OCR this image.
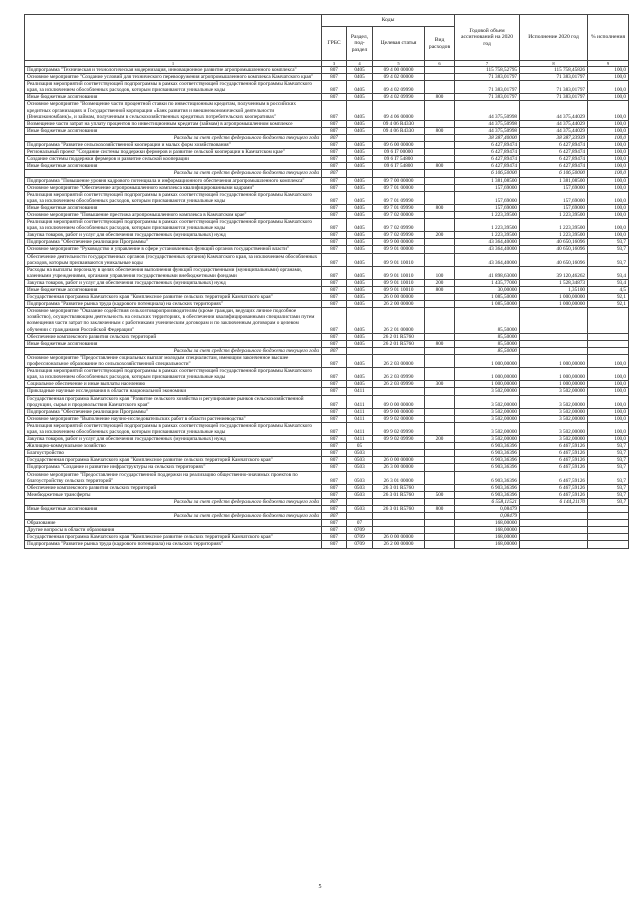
	Коды				Годовой объем ассигнований на 2020 год	Исполнение 2020 год	% исполнения
	ГРБС	Раздел, под-раздел	Целевая статья	Вид расходов			
1	3	4	5	6	7	8	9
Подпрограмма "Техническая и технологическая модернизация, инновационное развитие агропромышленного комплекса"	807	0405	09 4 00 00000		115 758,52795	115 758,45826	100,0
Основное мероприятие "Создание условий для технического перевооружения агропромышленного комплекса Камчатского края"	807	0405	09 4 02 00000		71 383,01797	71 383,01797	100,0
Реализация мероприятий соответствующей подпрограммы в рамках соответствующей государственной программы Камчатского края, за исключением обособленных расходов, которым присваиваются уникальные коды	807	0405	09 4 02 09990		71 383,01797	71 383,01797	100,0
Иные бюджетные ассигнования	807	0405	09 4 02 09990	800	71 383,01797	71 383,01797	100,0
Основное мероприятие "Возмещение части процентной ставки по инвестиционным кредитам, полученным в российских кредитных организациях и Государственной корпорации «Банк развития и внешнеэкономической деятельности (Внешэкономбанк)», и займам, полученным в сельскохозяйственных кредитных потребительских кооперативах"	807	0405	09 4 06 00000		44 375,50998	44 375,44029	100,0
Возмещение части затрат на уплату процентов по инвестиционным кредитам (займам) в агропромышленном комплексе	807	0405	09 4 06 R4330		44 375,50998	44 375,44029	100,0
Иные бюджетные ассигнования	807	0405	09 4 06 R4330	800	44 375,50998	44 375,44029	100,0
Расходы за счет средств федерального бюджета текущего года	807				38 387,40000	38 387,33939	100,0
Подпрограмма "Развитие сельскохозяйственной кооперации и малых форм хозяйствования"	807	0405	09 6 00 00000		6 427,89474	6 427,89474	100,0
Региональный проект "Создание системы поддержки фермеров и развитие сельской кооперации в Камчатском крае"	807	0405	09 6 I7 00000		6 427,89474	6 427,89474	100,0
Создание системы поддержки фермеров и развитие сельской кооперации	807	0405	09 6 I7 54800		6 427,89474	6 427,89474	100,0
Иные бюджетные ассигнования	807	0405	09 6 I7 54800	800	6 427,89474	6 427,89474	100,0
Расходы за счет средств федерального бюджета текущего года	807				6 106,50000	6 106,50000	100,0
Подпрограмма "Повышение уровня кадрового потенциала и информационного обеспечения агропромышленного комплекса"	807	0405	09 7 00 00000		1 381,08500	1 381,08500	100,0
Основное мероприятие "Обеспечение агропромышленного комплекса квалифицированными кадрами"	807	0405	09 7 01 00000		157,69000	157,69000	100,0
Реализация мероприятий соответствующей подпрограммы в рамках соответствующей государственной программы Камчатского края, за исключением обособленных расходов, которым присваиваются уникальные коды	807	0405	09 7 01 09990		157,69000	157,69000	100,0
Иные бюджетные ассигнования	807	0405	09 7 01 09990	800	157,69000	157,69000	100,0
Основное мероприятие "Повышение престижа агропромышленного комплекса в Камчатском крае"	807	0405	09 7 02 00000		1 223,39500	1 223,39500	100,0
Реализация мероприятий соответствующей подпрограммы в рамках соответствующей государственной программы Камчатского края, за исключением обособленных расходов, которым присваиваются уникальные коды	807	0405	09 7 02 09990		1 223,39500	1 223,39500	100,0
Закупка товаров, работ и услуг для обеспечения государственных (муниципальных) нужд	807	0405	09 7 02 09990	200	1 223,39500	1 223,39500	100,0
Подпрограмма "Обеспечение реализации Программы"	807	0405	09 9 00 00000		43 364,40000	40 650,16096	93,7
Основное мероприятие "Руководство и управление в сфере установленных функций органов государственной власти"	807	0405	09 9 01 00000		43 364,40000	40 650,16096	93,7
Обеспечение деятельности государственных органов (государственных органов) Камчатского края, за исключением обособленных расходов, которым присваиваются уникальные коды	807	0405	09 9 01 10010		43 364,40000	40 650,16096	93,7
Расходы на выплаты персоналу в целях обеспечения выполнения функций государственными (муниципальными) органами, казенными учреждениями, органами управления государственными внебюджетными фондами	807	0405	09 9 01 10010	100	41 898,63000	39 120,46262	93,4
Закупка товаров, работ и услуг для обеспечения государственных (муниципальных) нужд	807	0405	09 9 01 10010	200	1 435,77000	1 528,34873	93,4
Иные бюджетные ассигнования	807	0405	09 9 01 10010	800	30,00000	1,35100	4,5
Государственная программа Камчатского края "Комплексное развитие сельских территорий Камчатского края"	807	0405	26 0 00 00000		1 085,50000	1 000,00000	92,1
Подпрограмма "Развитие рынка труда (кадрового потенциала) на сельских территориях"	807	0405	26 2 00 00000		1 085,50000	1 000,00000	92,1
Основное мероприятие "Оказание содействия сельхозтоваропроизводителям (кроме граждан, ведущих личное подсобное хозяйство), осуществляющим деятельность на сельских территориях, в обеспечении квалифицированными специалистами путем возмещения части затрат по заключенным с работниками ученическим договорам и по заключенным договорам о целевом обучении с гражданами Российской Федерации"	807	0405	26 2 01 00000		85,50000		
Обеспечение комплексного развития сельских территорий	807	0405	26 2 01 R5760		85,50000		
Иные бюджетные ассигнования	807	0405	26 2 01 R5760	800	85,50000		
Расходы за счет средств федерального бюджета текущего года	807				85,50000		
Основное мероприятие "Предоставление социальных выплат молодым специалистам, имеющим законченное высшее профессиональное образование по сельскохозяйственной специальности"	807	0405	26 2 03 00000		1 000,00000	1 000,00000	100,0
Реализация мероприятий соответствующей подпрограммы в рамках соответствующей государственной программы Камчатского края, за исключением обособленных расходов, которым присваиваются уникальные коды	807	0405	26 2 03 09990		1 000,00000	1 000,00000	100,0
Социальное обеспечение и иные выплаты населению	807	0405	26 2 03 09990	300	1 000,00000	1 000,00000	100,0
Прикладные научные исследования в области национальной экономики	807	0411			3 502,00000	3 502,00000	100,0
Государственная программа Камчатского края "Развитие сельского хозяйства и регулирование рынков сельскохозяйственной продукции, сырья и продовольствия Камчатского края"	807	0411	09 0 00 00000		3 502,00000	3 502,00000	100,0
Подпрограмма "Обеспечение реализации Программы"	807	0411	09 9 00 00000		3 502,00000	3 502,00000	100,0
Основное мероприятие "Выполнение научно-исследовательских работ в области растениеводства"	807	0411	09 9 02 00000		3 502,00000	3 502,00000	100,0
Реализация мероприятий соответствующей подпрограммы в рамках соответствующей государственной программы Камчатского края, за исключением обособленных расходов, которым присваиваются уникальные коды	807	0411	09 9 02 09990		3 502,00000	3 502,00000	100,0
Закупка товаров, работ и услуг для обеспечения государственных (муниципальных) нужд	807	0411	09 9 02 09990	200	3 502,00000	3 502,00000	100,0
Жилищно-коммунальное хозяйство	807	05			6 903,36396	6 467,59126	93,7
Благоустройство	807	0503			6 903,36396	6 467,59126	93,7
Государственная программа Камчатского края "Комплексное развитие сельских территорий Камчатского края"	807	0503	26 0 00 00000		6 903,36396	6 467,59126	93,7
Подпрограмма "Создание и развитие инфраструктуры на сельских территориях"	807	0503	26 3 00 00000		6 903,36396	6 467,59126	93,7
Основное мероприятие "Предоставление государственной поддержки на реализацию общественно-значимых проектов по благоустройству сельских территорий"	807	0503	26 3 01 00000		6 903,36396	6 467,59126	93,7
Обеспечение комплексного развития сельских территорий	807	0503	26 3 01 R5760		6 903,36396	6 467,59126	93,7
Межбюджетные трансферты	807	0503	26 3 01 R5760	500	6 903,36396	6 467,59126	93,7
Расходы за счет средств федерального бюджета текущего года	807				6 558,11521	6 144,21170	93,7
Иные бюджетные ассигнования	807	0503	26 3 01 R5760	800	0,08479		
Расходы за счет средств федерального бюджета текущего года	807				0,08479		
Образование	807	07			168,00000		
Другие вопросы в области образования	807	0709			168,00000		
Государственная программа Камчатского края "Комплексное развитие сельских территорий Камчатского края"	807	0709	26 0 00 00000		168,00000		
Подпрограмма "Развитие рынка труда (кадрового потенциала) на сельских территориях"	807	0709	26 2 00 00000		168,00000		
5
